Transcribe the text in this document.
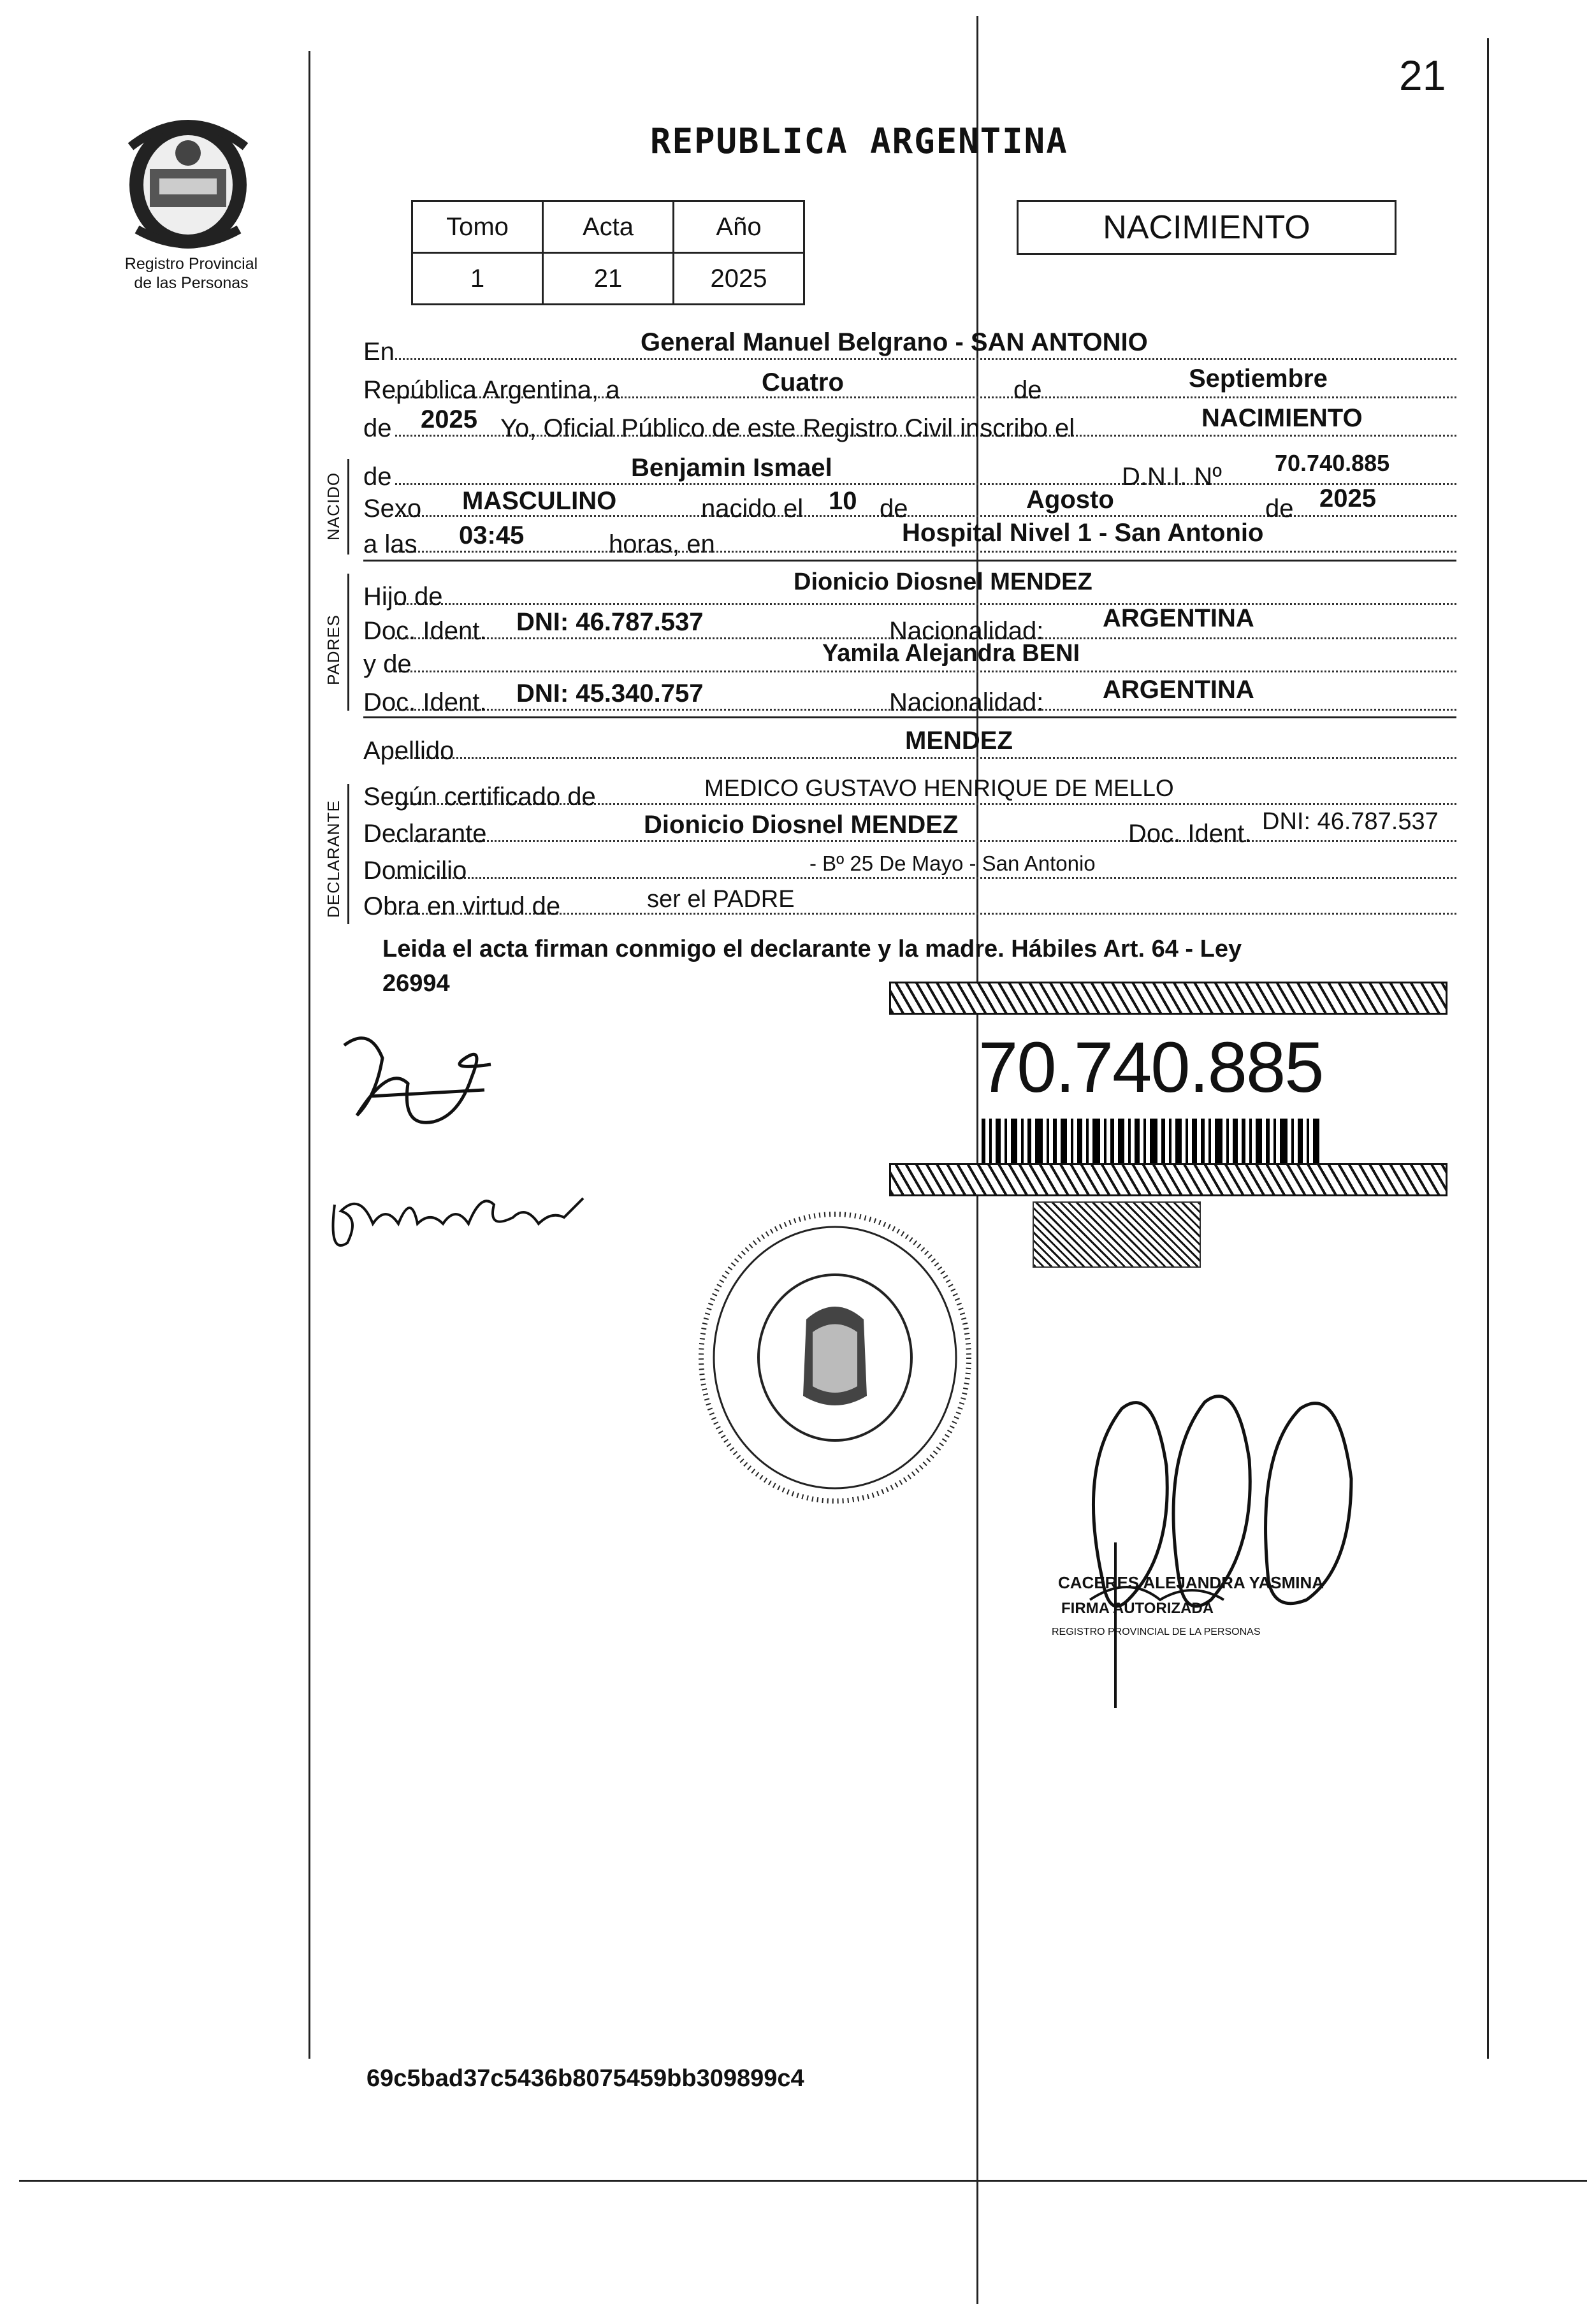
21
Registro Provincial
de las Personas
REPUBLICA ARGENTINA
Tomo	Acta	Año
1	21	2025
NACIMIENTO
En	General Manuel Belgrano - SAN ANTONIO
República Argentina, a	Cuatro	de	Septiembre
de 2025 Yo, Oficial Público de este Registro Civil inscribo el	NACIMIENTO
NACIDO
PADRES
DECLARANTE
de	Benjamin Ismael	D.N.I. Nº 70.740.885
Sexo MASCULINO	nacido el 10 de	Agosto	de 2025
a las 03:45	horas, en	Hospital Nivel 1 - San Antonio
Hijo de
Dionicio Diosnel MENDEZ
Doc. Ident. DNI: 46.787.537	Nacionalidad: ARGENTINA
y de	Yamila Alejandra BENI
Doc. Ident. DNI: 45.340.757	Nacionalidad: ARGENTINA
Apellido	MENDEZ
Según certificado de	MEDICO GUSTAVO HENRIQUE DE MELLO
Declarante	Dionicio Diosnel MENDEZ	Doc. Ident. DNI: 46.787.537
Domicilio	- Bº 25 De Mayo - San Antonio
Obra en virtud de	ser el PADRE
Leida el acta firman conmigo el declarante y la madre. Hábiles Art. 64 - Ley
26994
70.740.885
CACERES ALEJANDRA YASMINA
FIRMA AUTORIZADA
REGISTRO PROVINCIAL DE LA PERSONAS
69c5bad37c5436b8075459bb309899c4
